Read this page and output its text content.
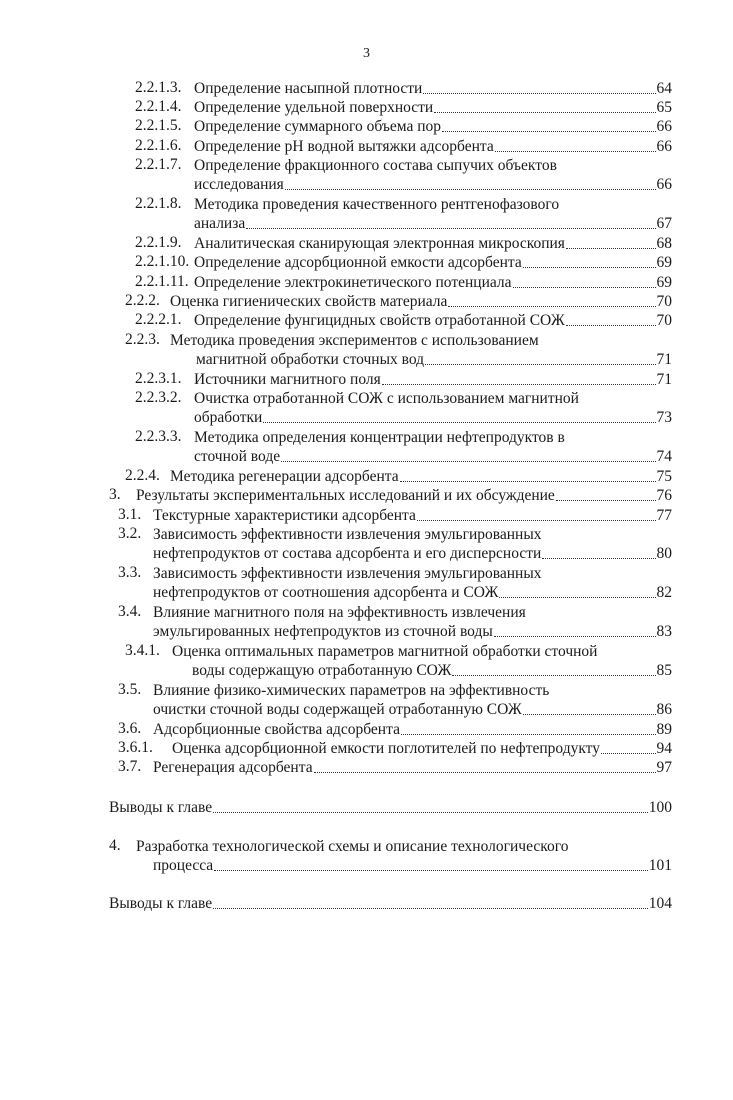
3
2.2.1.3. Определение насыпной плотности	64
2.2.1.4. Определение удельной поверхности	65
2.2.1.5. Определение суммарного объема пор	66
2.2.1.6. Определение pH водной вытяжки адсорбента	66
2.2.1.7. Определение фракционного состава сыпучих объектов
исследования	66
2.2.1.8. Методика проведения качественного рентгенофазового
анализа	67
2.2.1.9. Аналитическая сканирующая электронная микроскопия	68
2.2.1.10. Определение адсорбционной емкости адсорбента	69
2.2.1.11. Определение электрокинетического потенциала	69
2.2.2. Оценка гигиенических свойств материала	70
2.2.2.1. Определение фунгицидных свойств отработанной СОЖ	70
2.2.3. Методика проведения экспериментов с использованием
магнитной обработки сточных вод	71
2.2.3.1. Источники магнитного поля	71
2.2.3.2. Очистка отработанной СОЖ с использованием магнитной
обработки	73
2.2.3.3. Методика определения концентрации нефтепродуктов в
сточной воде	74
2.2.4. Методика регенерации адсорбента	75
3. Результаты экспериментальных исследований и их обсуждение	76
3.1. Текстурные характеристики адсорбента	77
3.2. Зависимость эффективности извлечения эмульгированных
нефтепродуктов от состава адсорбента и его дисперсности	80
3.3. Зависимость эффективности извлечения эмульгированных
нефтепродуктов от соотношения адсорбента и СОЖ	82
3.4. Влияние магнитного поля на эффективность извлечения
эмульгированных нефтепродуктов из сточной воды	83
3.4.1. Оценка оптимальных параметров магнитной обработки сточной
воды содержащую отработанную СОЖ	85
3.5. Влияние физико-химических параметров на эффективность
очистки сточной воды содержащей отработанную СОЖ	86
3.6. Адсорбционные свойства адсорбента	89
3.6.1. Оценка адсорбционной емкости поглотителей по нефтепродукту	94
3.7. Регенерация адсорбента	97
Выводы к главе	100
4. Разработка технологической схемы и описание технологического
процесса	101
Выводы к главе	104
